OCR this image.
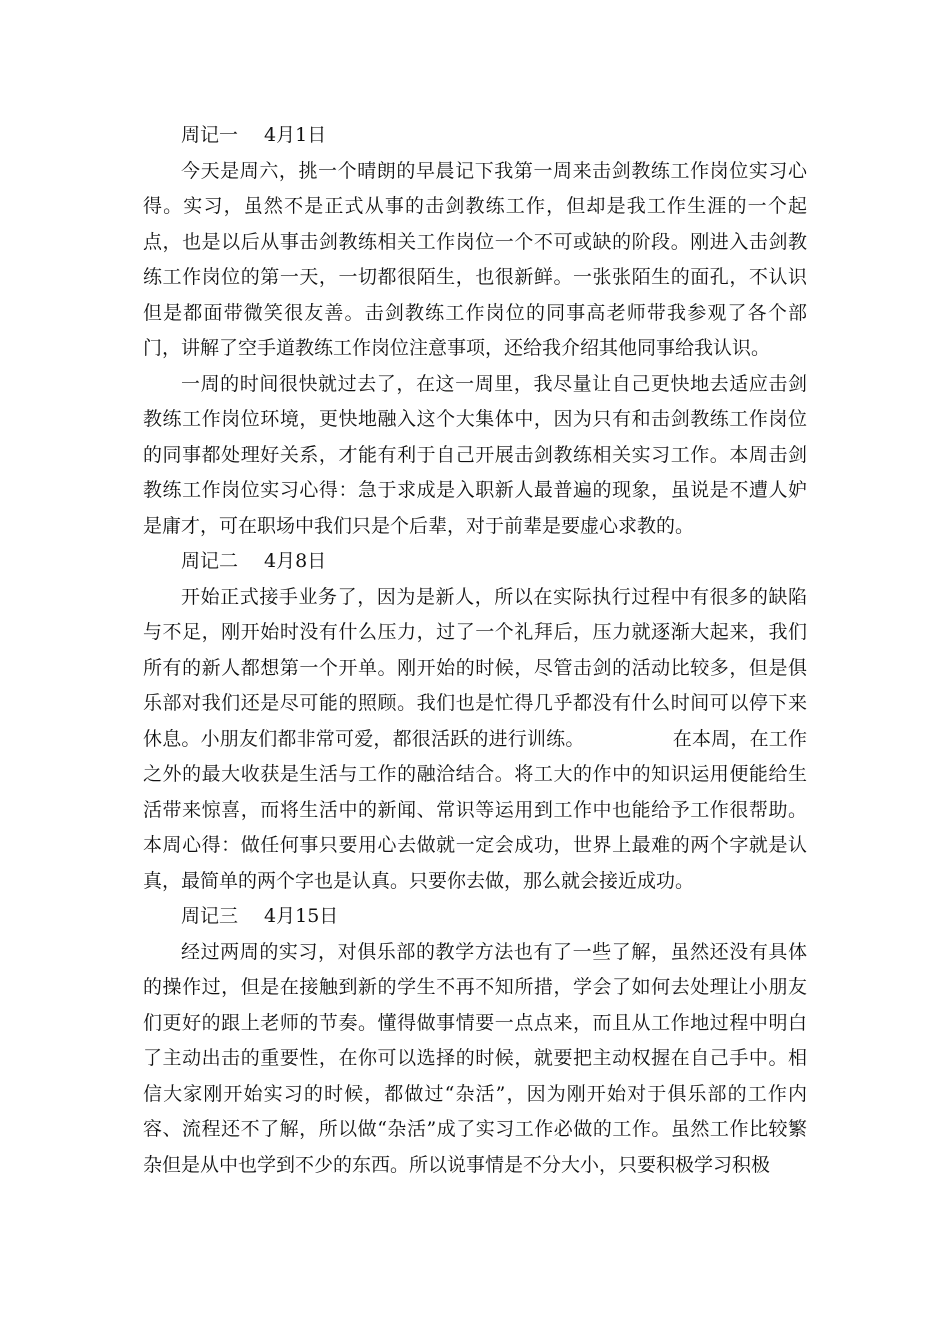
周记一 4月1日

今天是周六，挑一个晴朗的早晨记下我第一周来击剑教练工作岗位实习心得。实习，虽然不是正式从事的击剑教练工作，但却是我工作生涯的一个起点，也是以后从事击剑教练相关工作岗位一个不可或缺的阶段。刚进入击剑教练工作岗位的第一天，一切都很陌生，也很新鲜。一张张陌生的面孔，不认识但是都面带微笑很友善。击剑教练工作岗位的同事高老师带我参观了各个部门，讲解了空手道教练工作岗位注意事项，还给我介绍其他同事给我认识。

一周的时间很快就过去了，在这一周里，我尽量让自己更快地去适应击剑教练工作岗位环境，更快地融入这个大集体中，因为只有和击剑教练工作岗位的同事都处理好关系，才能有利于自己开展击剑教练相关实习工作。本周击剑教练工作岗位实习心得：急于求成是入职新人最普遍的现象，虽说是不遭人妒是庸才，可在职场中我们只是个后辈，对于前辈是要虚心求教的。

周记二 4月8日

开始正式接手业务了，因为是新人，所以在实际执行过程中有很多的缺陷与不足，刚开始时没有什么压力，过了一个礼拜后，压力就逐渐大起来，我们所有的新人都想第一个开单。刚开始的时候，尽管击剑的活动比较多，但是俱乐部对我们还是尽可能的照顾。我们也是忙得几乎都没有什么时间可以停下来休息。小朋友们都非常可爱，都很活跃的进行训练。	在本周，在工作之外的最大收获是生活与工作的融洽结合。将工大的作中的知识运用便能给生活带来惊喜，而将生活中的新闻、常识等运用到工作中也能给予工作很帮助。本周心得：做任何事只要用心去做就一定会成功，世界上最难的两个字就是认真，最简单的两个字也是认真。只要你去做，那么就会接近成功。

周记三 4月15日

经过两周的实习，对俱乐部的教学方法也有了一些了解，虽然还没有具体的操作过，但是在接触到新的学生不再不知所措，学会了如何去处理让小朋友们更好的跟上老师的节奏。懂得做事情要一点点来，而且从工作地过程中明白了主动出击的重要性，在你可以选择的时候，就要把主动权握在自己手中。相信大家刚开始实习的时候，都做过“杂活”，因为刚开始对于俱乐部的工作内容、流程还不了解，所以做“杂活”成了实习工作必做的工作。虽然工作比较繁杂但是从中也学到不少的东西。所以说事情是不分大小，只要积极学习积极
